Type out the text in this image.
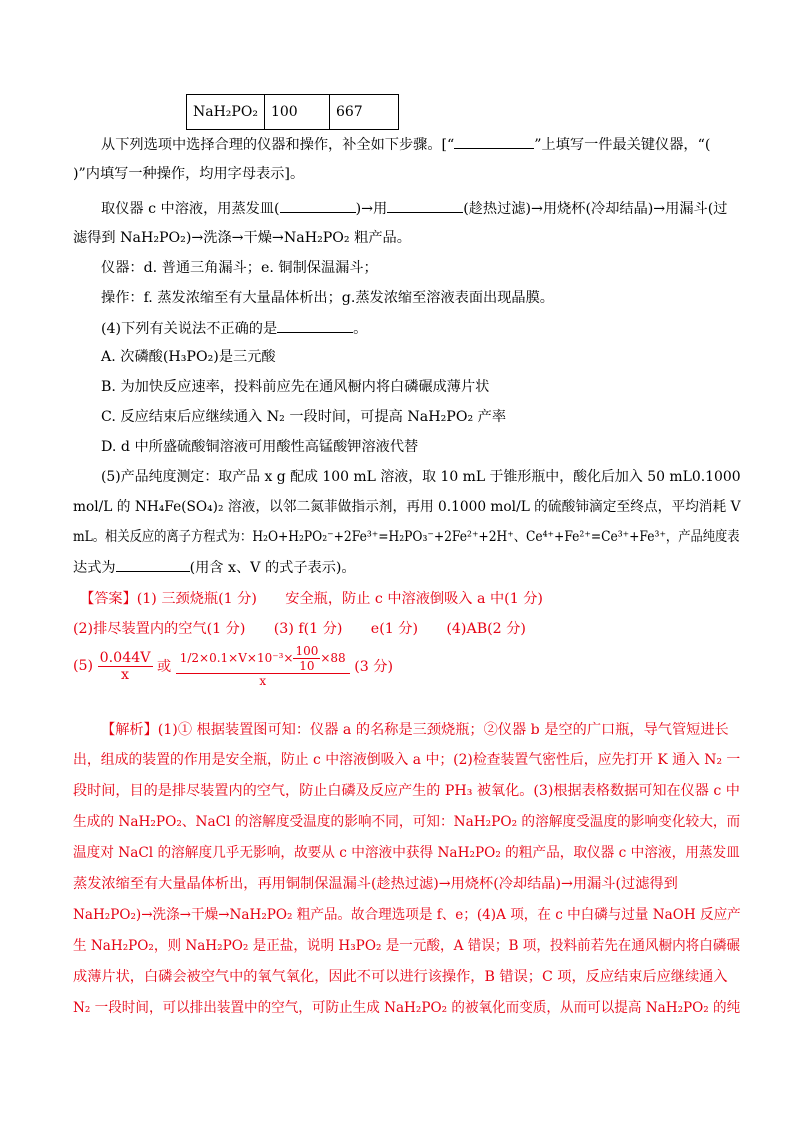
NaH₂PO₂	100	667
从下列选项中选择合理的仪器和操作，补全如下步骤。[“	”上填写一件最关键仪器，“(
)”内填写一种操作，均用字母表示]。
取仪器 c 中溶液，用蒸发皿(	)→用	(趁热过滤)→用烧杯(冷却结晶)→用漏斗(过
滤得到 NaH₂PO₂)→洗涤→干燥→NaH₂PO₂ 粗产品。
仪器：d. 普通三角漏斗；e. 铜制保温漏斗；
操作：f. 蒸发浓缩至有大量晶体析出；g.蒸发浓缩至溶液表面出现晶膜。
(4)下列有关说法不正确的是	。
A. 次磷酸(H₃PO₂)是三元酸
B. 为加快反应速率，投料前应先在通风橱内将白磷碾成薄片状
C. 反应结束后应继续通入 N₂ 一段时间，可提高 NaH₂PO₂ 产率
D. d 中所盛硫酸铜溶液可用酸性高锰酸钾溶液代替
(5)产品纯度测定：取产品 x g 配成 100 mL 溶液，取 10 mL 于锥形瓶中，酸化后加入 50 mL0.1000
mol/L 的 NH₄Fe(SO₄)₂ 溶液，以邻二氮菲做指示剂，再用 0.1000 mol/L 的硫酸铈滴定至终点，平均消耗 V
mL。相关反应的离子方程式为：H₂O+H₂PO₂⁻+2Fe³⁺=H₂PO₃⁻+2Fe²⁺+2H⁺、Ce⁴⁺+Fe²⁺=Ce³⁺+Fe³⁺，产品纯度表
达式为	(用含 x、V 的式子表示)。
【答案】(1) 三颈烧瓶(1 分)　　安全瓶，防止 c 中溶液倒吸入 a 中(1 分)
(2)排尽装置内的空气(1 分)　　(3) f(1 分)　　e(1 分)　　(4)AB(2 分)
$(5) \frac{0.044V}{x}$ 或 $\frac{1/2\times 0.1\times V\times 10^{-3}\times \frac{100}{10}\times 88}{x} (3$ 分)
【解析】(1)① 根据装置图可知：仪器 a 的名称是三颈烧瓶；②仪器 b 是空的广口瓶，导气管短进长
出，组成的装置的作用是安全瓶，防止 c 中溶液倒吸入 a 中；(2)检查装置气密性后，应先打开 K 通入 N₂ 一
段时间，目的是排尽装置内的空气，防止白磷及反应产生的 PH₃ 被氧化。(3)根据表格数据可知在仪器 c 中
生成的 NaH₂PO₂、NaCl 的溶解度受温度的影响不同，可知：NaH₂PO₂ 的溶解度受温度的影响变化较大，而
温度对 NaCl 的溶解度几乎无影响，故要从 c 中溶液中获得 NaH₂PO₂ 的粗产品，取仪器 c 中溶液，用蒸发皿
蒸发浓缩至有大量晶体析出，再用铜制保温漏斗(趁热过滤)→用烧杯(冷却结晶)→用漏斗(过滤得到
NaH₂PO₂)→洗涤→干燥→NaH₂PO₂ 粗产品。故合理选项是 f、e；(4)A 项，在 c 中白磷与过量 NaOH 反应产
生 NaH₂PO₂，则 NaH₂PO₂ 是正盐，说明 H₃PO₂ 是一元酸，A 错误；B 项，投料前若先在通风橱内将白磷碾
成薄片状，白磷会被空气中的氧气氧化，因此不可以进行该操作，B 错误；C 项，反应结束后应继续通入
N₂ 一段时间，可以排出装置中的空气，可防止生成 NaH₂PO₂ 的被氧化而变质，从而可以提高 NaH₂PO₂ 的纯
